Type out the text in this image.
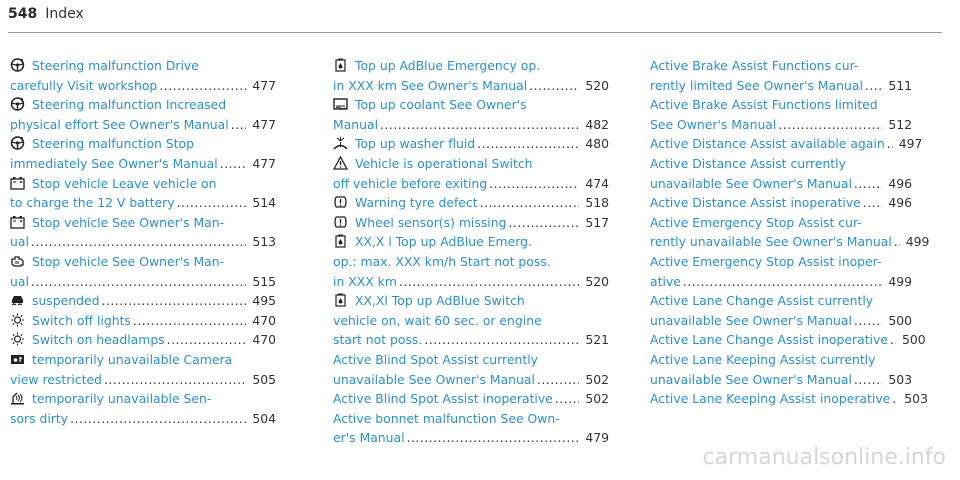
548 Index
Steering malfunction Drive
carefully Visit workshop .....	477
Steering malfunction Increased
physical effort See Owner's Manual .....	477
Steering malfunction Stop
immediately See Owner's Manual .....	477
Stop vehicle Leave vehicle on
to charge the 12 V battery .....	514
Stop vehicle See Owner's Man-
ual .....	513
Stop vehicle See Owner's Man-
ual .....	515
suspended .....	495
Switch off lights .....	470
Switch on headlamps .....	470
temporarily unavailable Camera
view restricted .....	505
temporarily unavailable Sen-
sors dirty .....	504
Top up AdBlue Emergency op.
in XXX km See Owner's Manual .....	520
Top up coolant See Owner's
Manual .....	482
Top up washer fluid .....	480
Vehicle is operational Switch
off vehicle before exiting .....	474
Warning tyre defect .....	518
Wheel sensor(s) missing .....	517
XX,X l Top up AdBlue Emerg.
op.: max. XXX km/h Start not poss.
in XXX km .....	520
XX,Xl Top up AdBlue Switch
vehicle on, wait 60 sec. or engine
start not poss. .....	521
Active Blind Spot Assist currently
unavailable See Owner's Manual .....	502
Active Blind Spot Assist inoperative .....	502
Active bonnet malfunction See Own-
er's Manual .....	479
Active Brake Assist Functions cur-
rently limited See Owner's Manual .....	511
Active Brake Assist Functions limited
See Owner's Manual .....	512
Active Distance Assist available again .....	497
Active Distance Assist currently
unavailable See Owner's Manual .....	496
Active Distance Assist inoperative .....	496
Active Emergency Stop Assist cur-
rently unavailable See Owner's Manual .....	499
Active Emergency Stop Assist inoper-
ative .....	499
Active Lane Change Assist currently
unavailable See Owner's Manual .....	500
Active Lane Change Assist inoperative .....	500
Active Lane Keeping Assist currently
unavailable See Owner's Manual .....	503
Active Lane Keeping Assist inoperative .....	503
carmanualsonline.info
